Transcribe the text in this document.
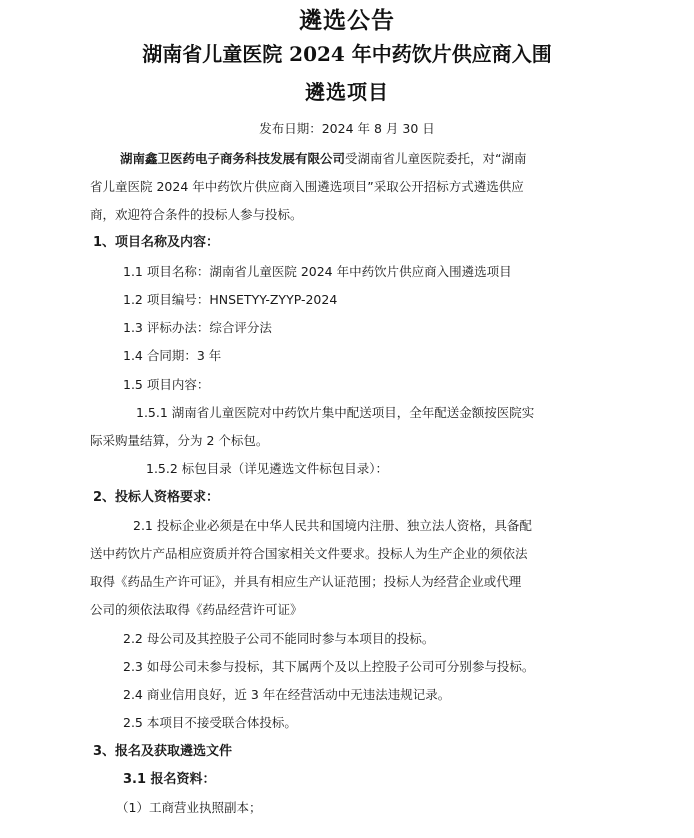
遴选公告
湖南省儿童医院 2024 年中药饮片供应商入围
遴选项目
发布日期：2024 年 8 月 30 日
湖南鑫卫医药电子商务科技发展有限公司受湖南省儿童医院委托，对“湖南
省儿童医院 2024 年中药饮片供应商入围遴选项目”采取公开招标方式遴选供应
商，欢迎符合条件的投标人参与投标。
1、项目名称及内容：
1.1 项目名称：湖南省儿童医院 2024 年中药饮片供应商入围遴选项目
1.2 项目编号：HNSETYY-ZYYP-2024
1.3 评标办法：综合评分法
1.4 合同期：3 年
1.5 项目内容：
1.5.1 湖南省儿童医院对中药饮片集中配送项目，全年配送金额按医院实
际采购量结算，分为 2 个标包。
1.5.2 标包目录（详见遴选文件标包目录）：
2、投标人资格要求：
2.1 投标企业必须是在中华人民共和国境内注册、独立法人资格，具备配
送中药饮片产品相应资质并符合国家相关文件要求。投标人为生产企业的须依法
取得《药品生产许可证》，并具有相应生产认证范围；投标人为经营企业或代理
公司的须依法取得《药品经营许可证》
2.2 母公司及其控股子公司不能同时参与本项目的投标。
2.3 如母公司未参与投标，其下属两个及以上控股子公司可分别参与投标。
2.4 商业信用良好，近 3 年在经营活动中无违法违规记录。
2.5 本项目不接受联合体投标。
3、报名及获取遴选文件
3.1 报名资料：
（1）工商营业执照副本；
